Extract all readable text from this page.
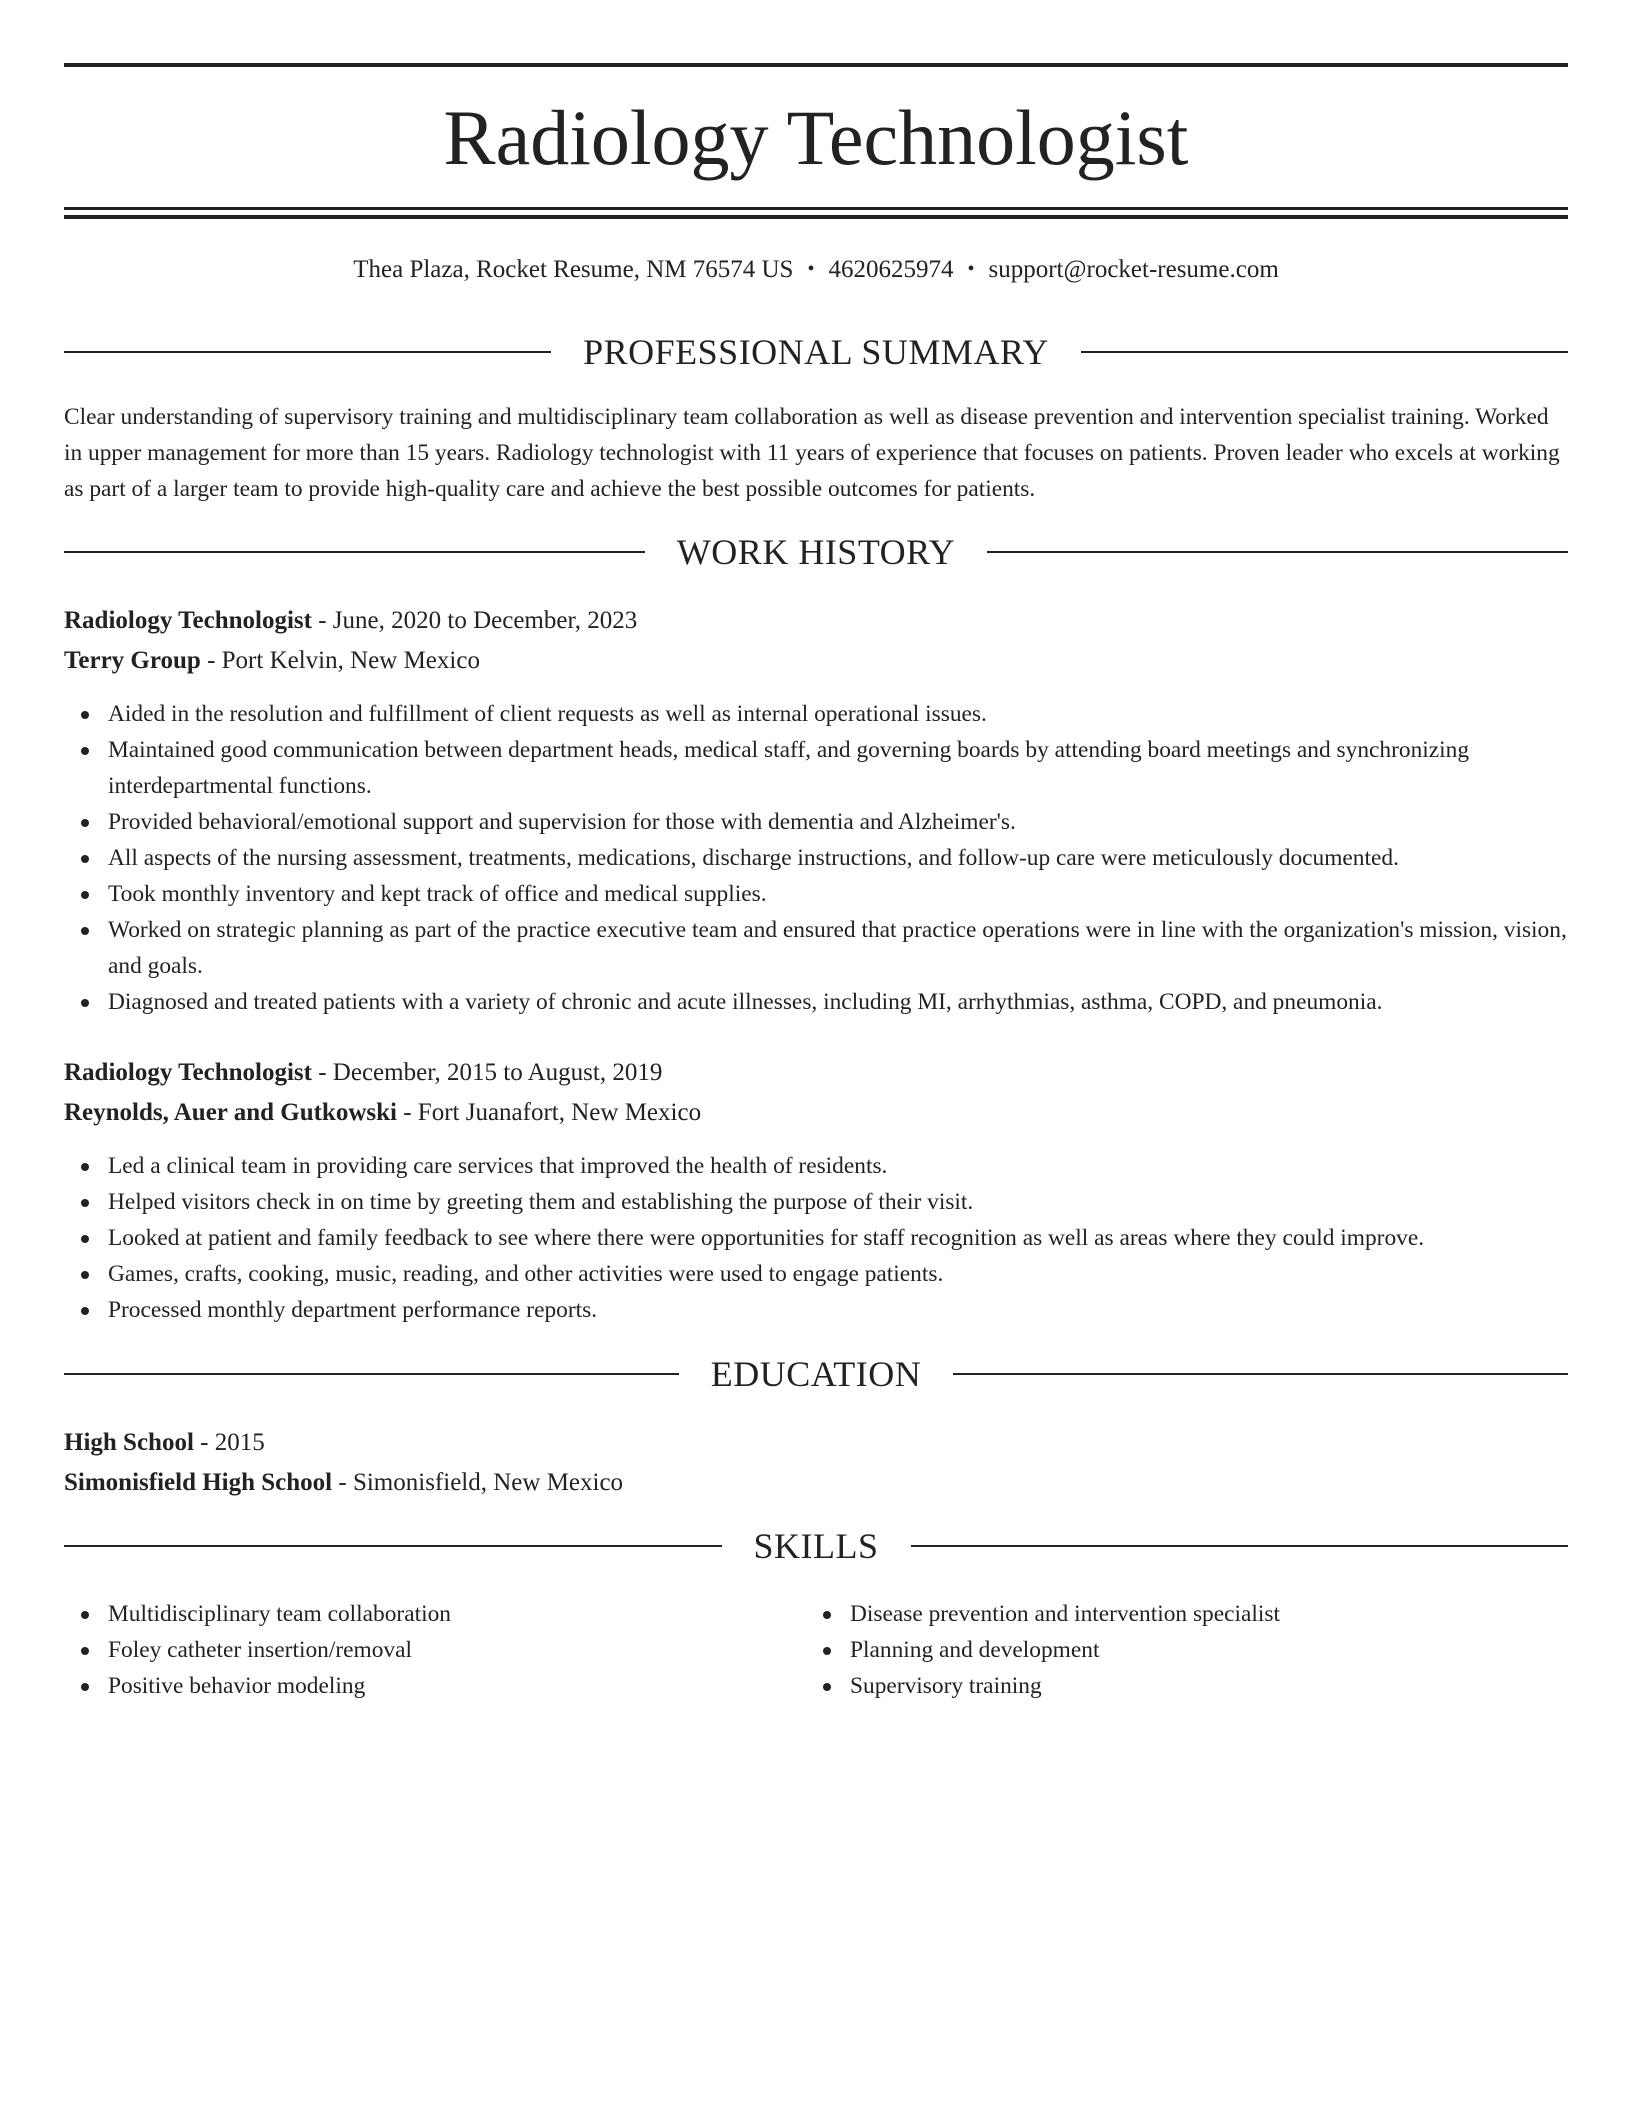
Radiology Technologist
Thea Plaza, Rocket Resume, NM 76574 US • 4620625974 • support@rocket-resume.com
PROFESSIONAL SUMMARY

Clear understanding of supervisory training and multidisciplinary team collaboration as well as disease prevention and intervention specialist training. Worked in upper management for more than 15 years. Radiology technologist with 11 years of experience that focuses on patients. Proven leader who excels at working as part of a larger team to provide high-quality care and achieve the best possible outcomes for patients.

WORK HISTORY
Radiology Technologist - June, 2020 to December, 2023
Terry Group - Port Kelvin, New Mexico
Aided in the resolution and fulfillment of client requests as well as internal operational issues.
Maintained good communication between department heads, medical staff, and governing boards by attending board meetings and synchronizing interdepartmental functions.
Provided behavioral/emotional support and supervision for those with dementia and Alzheimer's.
All aspects of the nursing assessment, treatments, medications, discharge instructions, and follow-up care were meticulously documented.
Took monthly inventory and kept track of office and medical supplies.
Worked on strategic planning as part of the practice executive team and ensured that practice operations were in line with the organization's mission, vision, and goals.
Diagnosed and treated patients with a variety of chronic and acute illnesses, including MI, arrhythmias, asthma, COPD, and pneumonia.
Radiology Technologist - December, 2015 to August, 2019
Reynolds, Auer and Gutkowski - Fort Juanafort, New Mexico
Led a clinical team in providing care services that improved the health of residents.
Helped visitors check in on time by greeting them and establishing the purpose of their visit.
Looked at patient and family feedback to see where there were opportunities for staff recognition as well as areas where they could improve.
Games, crafts, cooking, music, reading, and other activities were used to engage patients.
Processed monthly department performance reports.
EDUCATION
High School - 2015
Simonisfield High School - Simonisfield, New Mexico
SKILLS
Multidisciplinary team collaboration
Foley catheter insertion/removal
Positive behavior modeling
Disease prevention and intervention specialist
Planning and development
Supervisory training
